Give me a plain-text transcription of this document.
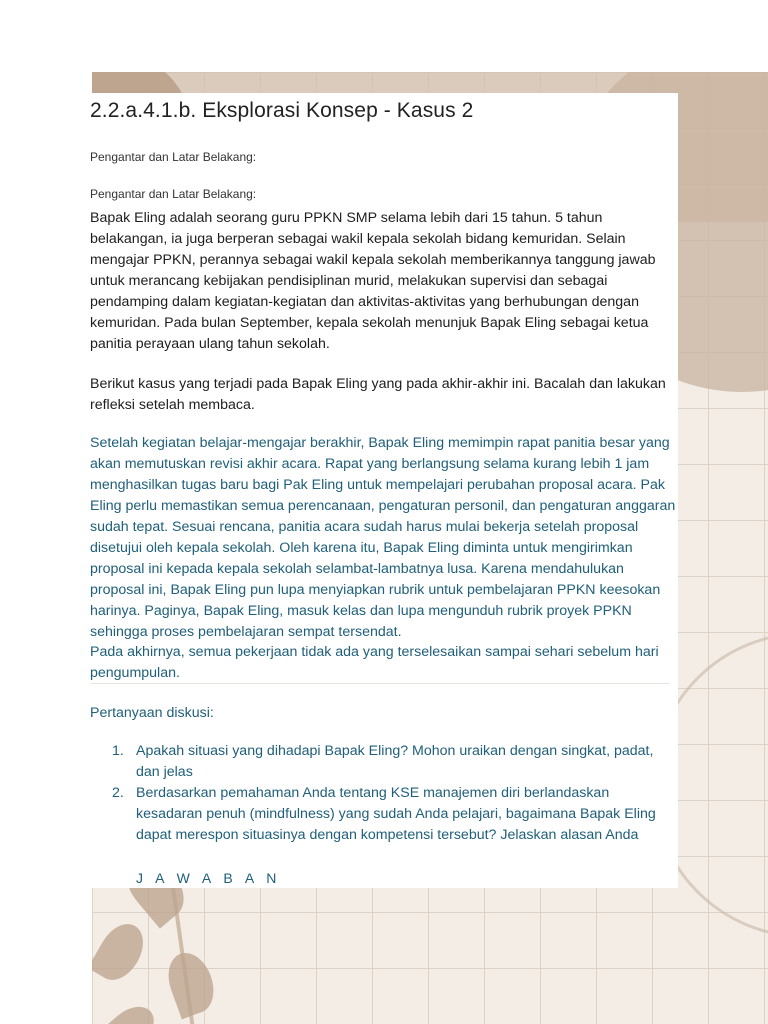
2.2.a.4.1.b. Eksplorasi Konsep - Kasus 2
Pengantar dan Latar Belakang:
Pengantar dan Latar Belakang:
Bapak Eling adalah seorang guru PPKN SMP selama lebih dari 15 tahun. 5 tahun belakangan, ia juga berperan sebagai wakil kepala sekolah bidang kemuridan. Selain mengajar PPKN, perannya sebagai wakil kepala sekolah memberikannya tanggung jawab untuk merancang kebijakan pendisiplinan murid, melakukan supervisi dan sebagai pendamping dalam kegiatan-kegiatan dan aktivitas-aktivitas yang berhubungan dengan kemuridan. Pada bulan September, kepala sekolah menunjuk Bapak Eling sebagai ketua panitia perayaan ulang tahun sekolah.
Berikut kasus yang terjadi pada Bapak Eling yang pada akhir-akhir ini. Bacalah dan lakukan refleksi setelah membaca.
Setelah kegiatan belajar-mengajar berakhir, Bapak Eling memimpin rapat panitia besar yang akan memutuskan revisi akhir acara. Rapat yang berlangsung selama kurang lebih 1 jam menghasilkan tugas baru bagi Pak Eling untuk mempelajari perubahan proposal acara. Pak Eling perlu memastikan semua perencanaan, pengaturan personil, dan pengaturan anggaran sudah tepat. Sesuai rencana, panitia acara sudah harus mulai bekerja setelah proposal disetujui oleh kepala sekolah. Oleh karena itu, Bapak Eling diminta untuk mengirimkan proposal ini kepada kepala sekolah selambat-lambatnya lusa. Karena mendahulukan proposal ini, Bapak Eling pun lupa menyiapkan rubrik untuk pembelajaran PPKN keesokan harinya. Paginya, Bapak Eling, masuk kelas dan lupa mengunduh rubrik proyek PPKN sehingga proses pembelajaran sempat tersendat.
Pada akhirnya, semua pekerjaan tidak ada yang terselesaikan sampai sehari sebelum hari pengumpulan.
Pertanyaan diskusi:
1. Apakah situasi yang dihadapi Bapak Eling? Mohon uraikan dengan singkat, padat, dan jelas
2. Berdasarkan pemahaman Anda tentang KSE manajemen diri berlandaskan kesadaran penuh (mindfulness) yang sudah Anda pelajari, bagaimana Bapak Eling dapat merespon situasinya dengan kompetensi tersebut? Jelaskan alasan Anda
J A W A B A N
